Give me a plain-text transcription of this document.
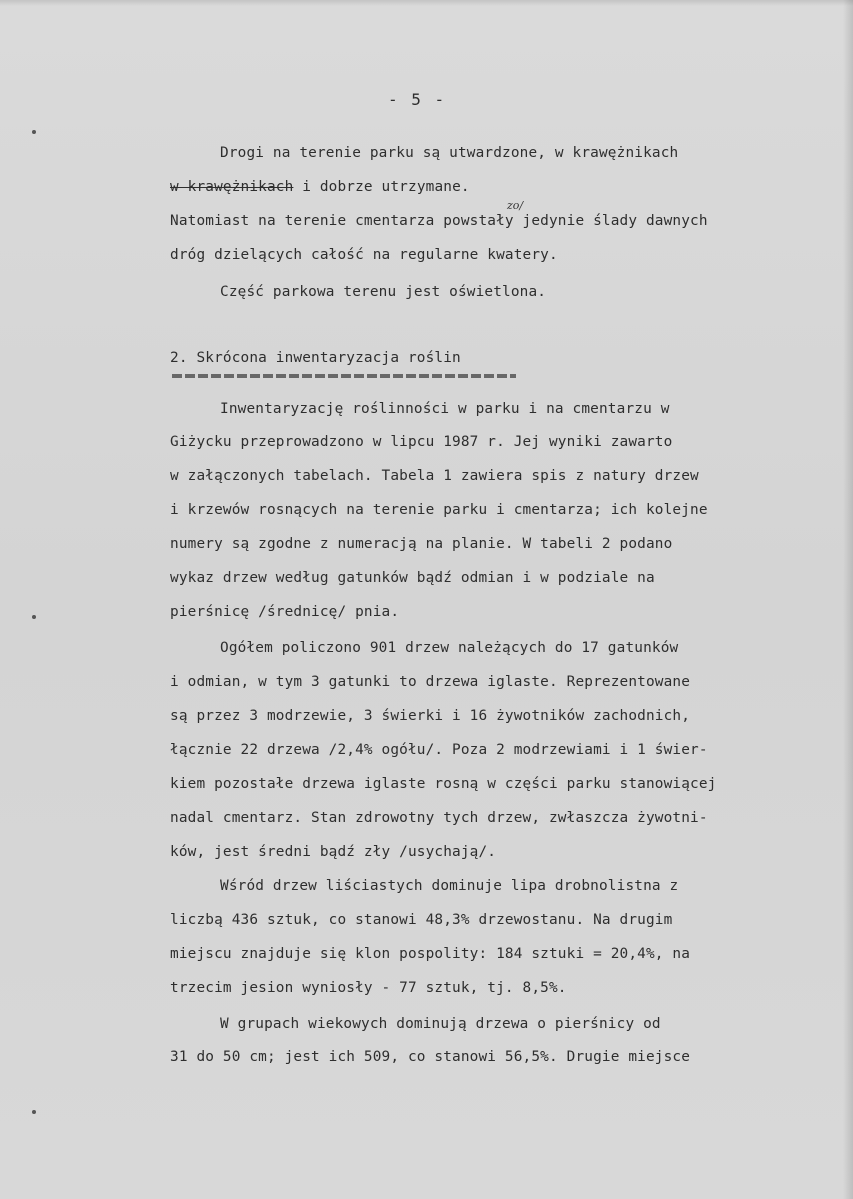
- 5 -
Drogi na terenie parku są utwardzone, w krawężnikach
w krawężnikach i dobrze utrzymane.
zo/
Natomiast na terenie cmentarza powstały jedynie ślady dawnych
dróg dzielących całość na regularne kwatery.
Część parkowa terenu jest oświetlona.
2. Skrócona inwentaryzacja roślin
Inwentaryzację roślinności w parku i na cmentarzu w
Giżycku przeprowadzono w lipcu 1987 r. Jej wyniki zawarto
w załączonych tabelach. Tabela 1 zawiera spis z natury drzew
i krzewów rosnących na terenie parku i cmentarza; ich kolejne
numery są zgodne z numeracją na planie. W tabeli 2 podano
wykaz drzew według gatunków bądź odmian i w podziale na
pierśnicę /średnicę/ pnia.
Ogółem policzono 901 drzew należących do 17 gatunków
i odmian, w tym 3 gatunki to drzewa iglaste. Reprezentowane
są przez 3 modrzewie, 3 świerki i 16 żywotników zachodnich,
łącznie 22 drzewa /2,4% ogółu/. Poza 2 modrzewiami i 1 świer-
kiem pozostałe drzewa iglaste rosną w części parku stanowiącej
nadal cmentarz. Stan zdrowotny tych drzew, zwłaszcza żywotni-
ków, jest średni bądź zły /usychają/.
Wśród drzew liściastych dominuje lipa drobnolistna z
liczbą 436 sztuk, co stanowi 48,3% drzewostanu. Na drugim
miejscu znajduje się klon pospolity: 184 sztuki = 20,4%, na
trzecim jesion wyniosły - 77 sztuk, tj. 8,5%.
W grupach wiekowych dominują drzewa o pierśnicy od
31 do 50 cm; jest ich 509, co stanowi 56,5%. Drugie miejsce
